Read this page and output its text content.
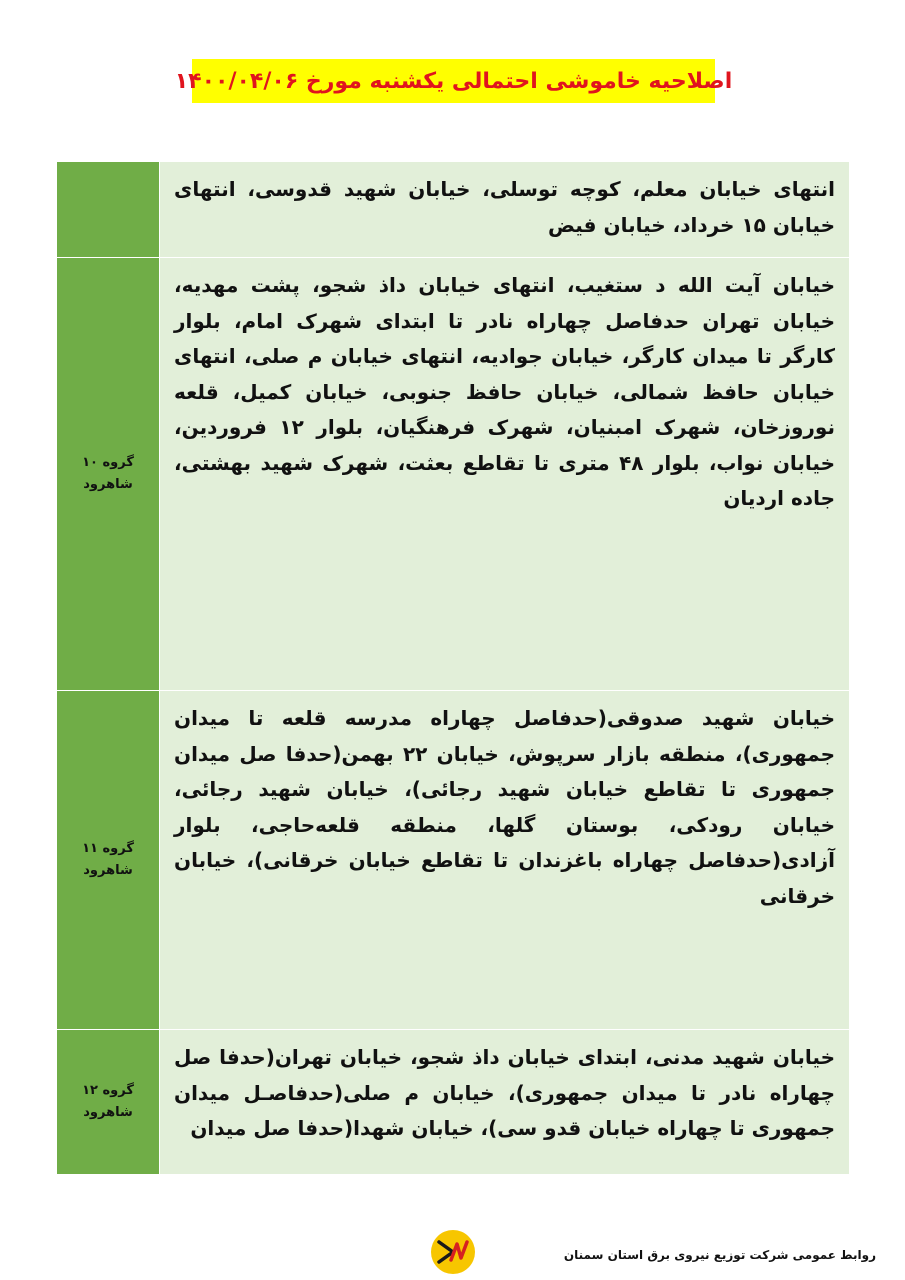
اصلاحیه خاموشی احتمالی یکشنبه مورخ ۱۴۰۰/۰۴/۰۶
انتهای خیابان معلم، کوچه توسلی، خیابان شهید قدوسی، انتهای خیابان ۱۵ خرداد، خیابان فیض	

خیابان آیت الله د ستغیب، انتهای خیابان داذ شجو، پشت مهدیه، خیابان تهران حدفاصل چهاراه نادر تا ابتدای شهرک امام، بلوار کارگر تا میدان کارگر، خیابان جوادیه، انتهای خیابان م صلی، انتهای خیابان حافظ شمالی، خیابان حافظ جنوبی، خیابان کمیل، قلعه نوروزخان، شهرک امبنیان، شهرک فرهنگیان، بلوار ۱۲ فروردین، خیابان نواب، بلوار ۴۸ متری تا تقاطع بعثت، شهرک شهید بهشتی، جاده اردیان	گروه ۱۰
شاهرود

خیابان شهید صدوقی(حدفاصل چهاراه مدرسه قلعه تا میدان جمهوری)، منطقه بازار سرپوش، خیابان ۲۲ بهمن(حدفا صل میدان جمهوری تا تقاطع خیابان شهید رجائی)، خیابان شهید رجائی، خیابان رودکی، بوستان گلها، منطقه قلعه‌حاجی، بلوار آزادی(حدفاصل چهاراه باغزندان تا تقاطع خیابان خرقانی)، خیابان خرقانی	گروه ۱۱
شاهرود

خیابان شهید مدنی، ابتدای خیابان داذ شجو، خیابان تهران(حدفا صل چهاراه نادر تا میدان جمهوری)، خیابان م صلی(حدفاصـل میدان جمهوری تا چهاراه خیابان قدو سی)، خیابان شهدا(حدفا صل میدان	گروه ۱۲
شاهرود
روابط عمومی شرکت توزیع نیروی برق استان سمنان
